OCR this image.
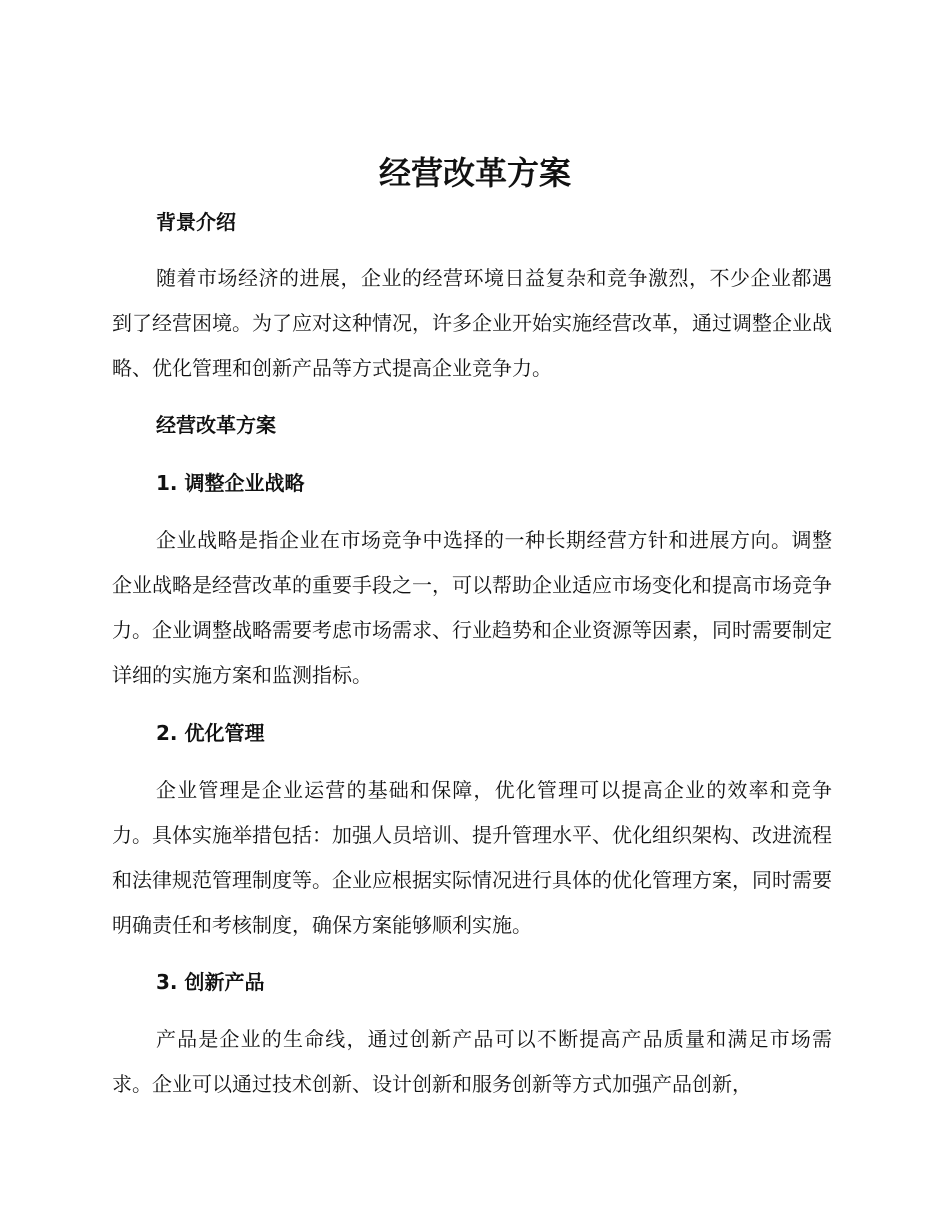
经营改革方案
背景介绍

随着市场经济的进展，企业的经营环境日益复杂和竞争激烈，不少企业都遇到了经营困境。为了应对这种情况，许多企业开始实施经营改革，通过调整企业战略、优化管理和创新产品等方式提高企业竞争力。

经营改革方案
1. 调整企业战略

企业战略是指企业在市场竞争中选择的一种长期经营方针和进展方向。调整企业战略是经营改革的重要手段之一，可以帮助企业适应市场变化和提高市场竞争力。企业调整战略需要考虑市场需求、行业趋势和企业资源等因素，同时需要制定详细的实施方案和监测指标。

2. 优化管理

企业管理是企业运营的基础和保障，优化管理可以提高企业的效率和竞争力。具体实施举措包括：加强人员培训、提升管理水平、优化组织架构、改进流程和法律规范管理制度等。企业应根据实际情况进行具体的优化管理方案，同时需要明确责任和考核制度，确保方案能够顺利实施。

3. 创新产品

产品是企业的生命线，通过创新产品可以不断提高产品质量和满足市场需求。企业可以通过技术创新、设计创新和服务创新等方式加强产品创新，
